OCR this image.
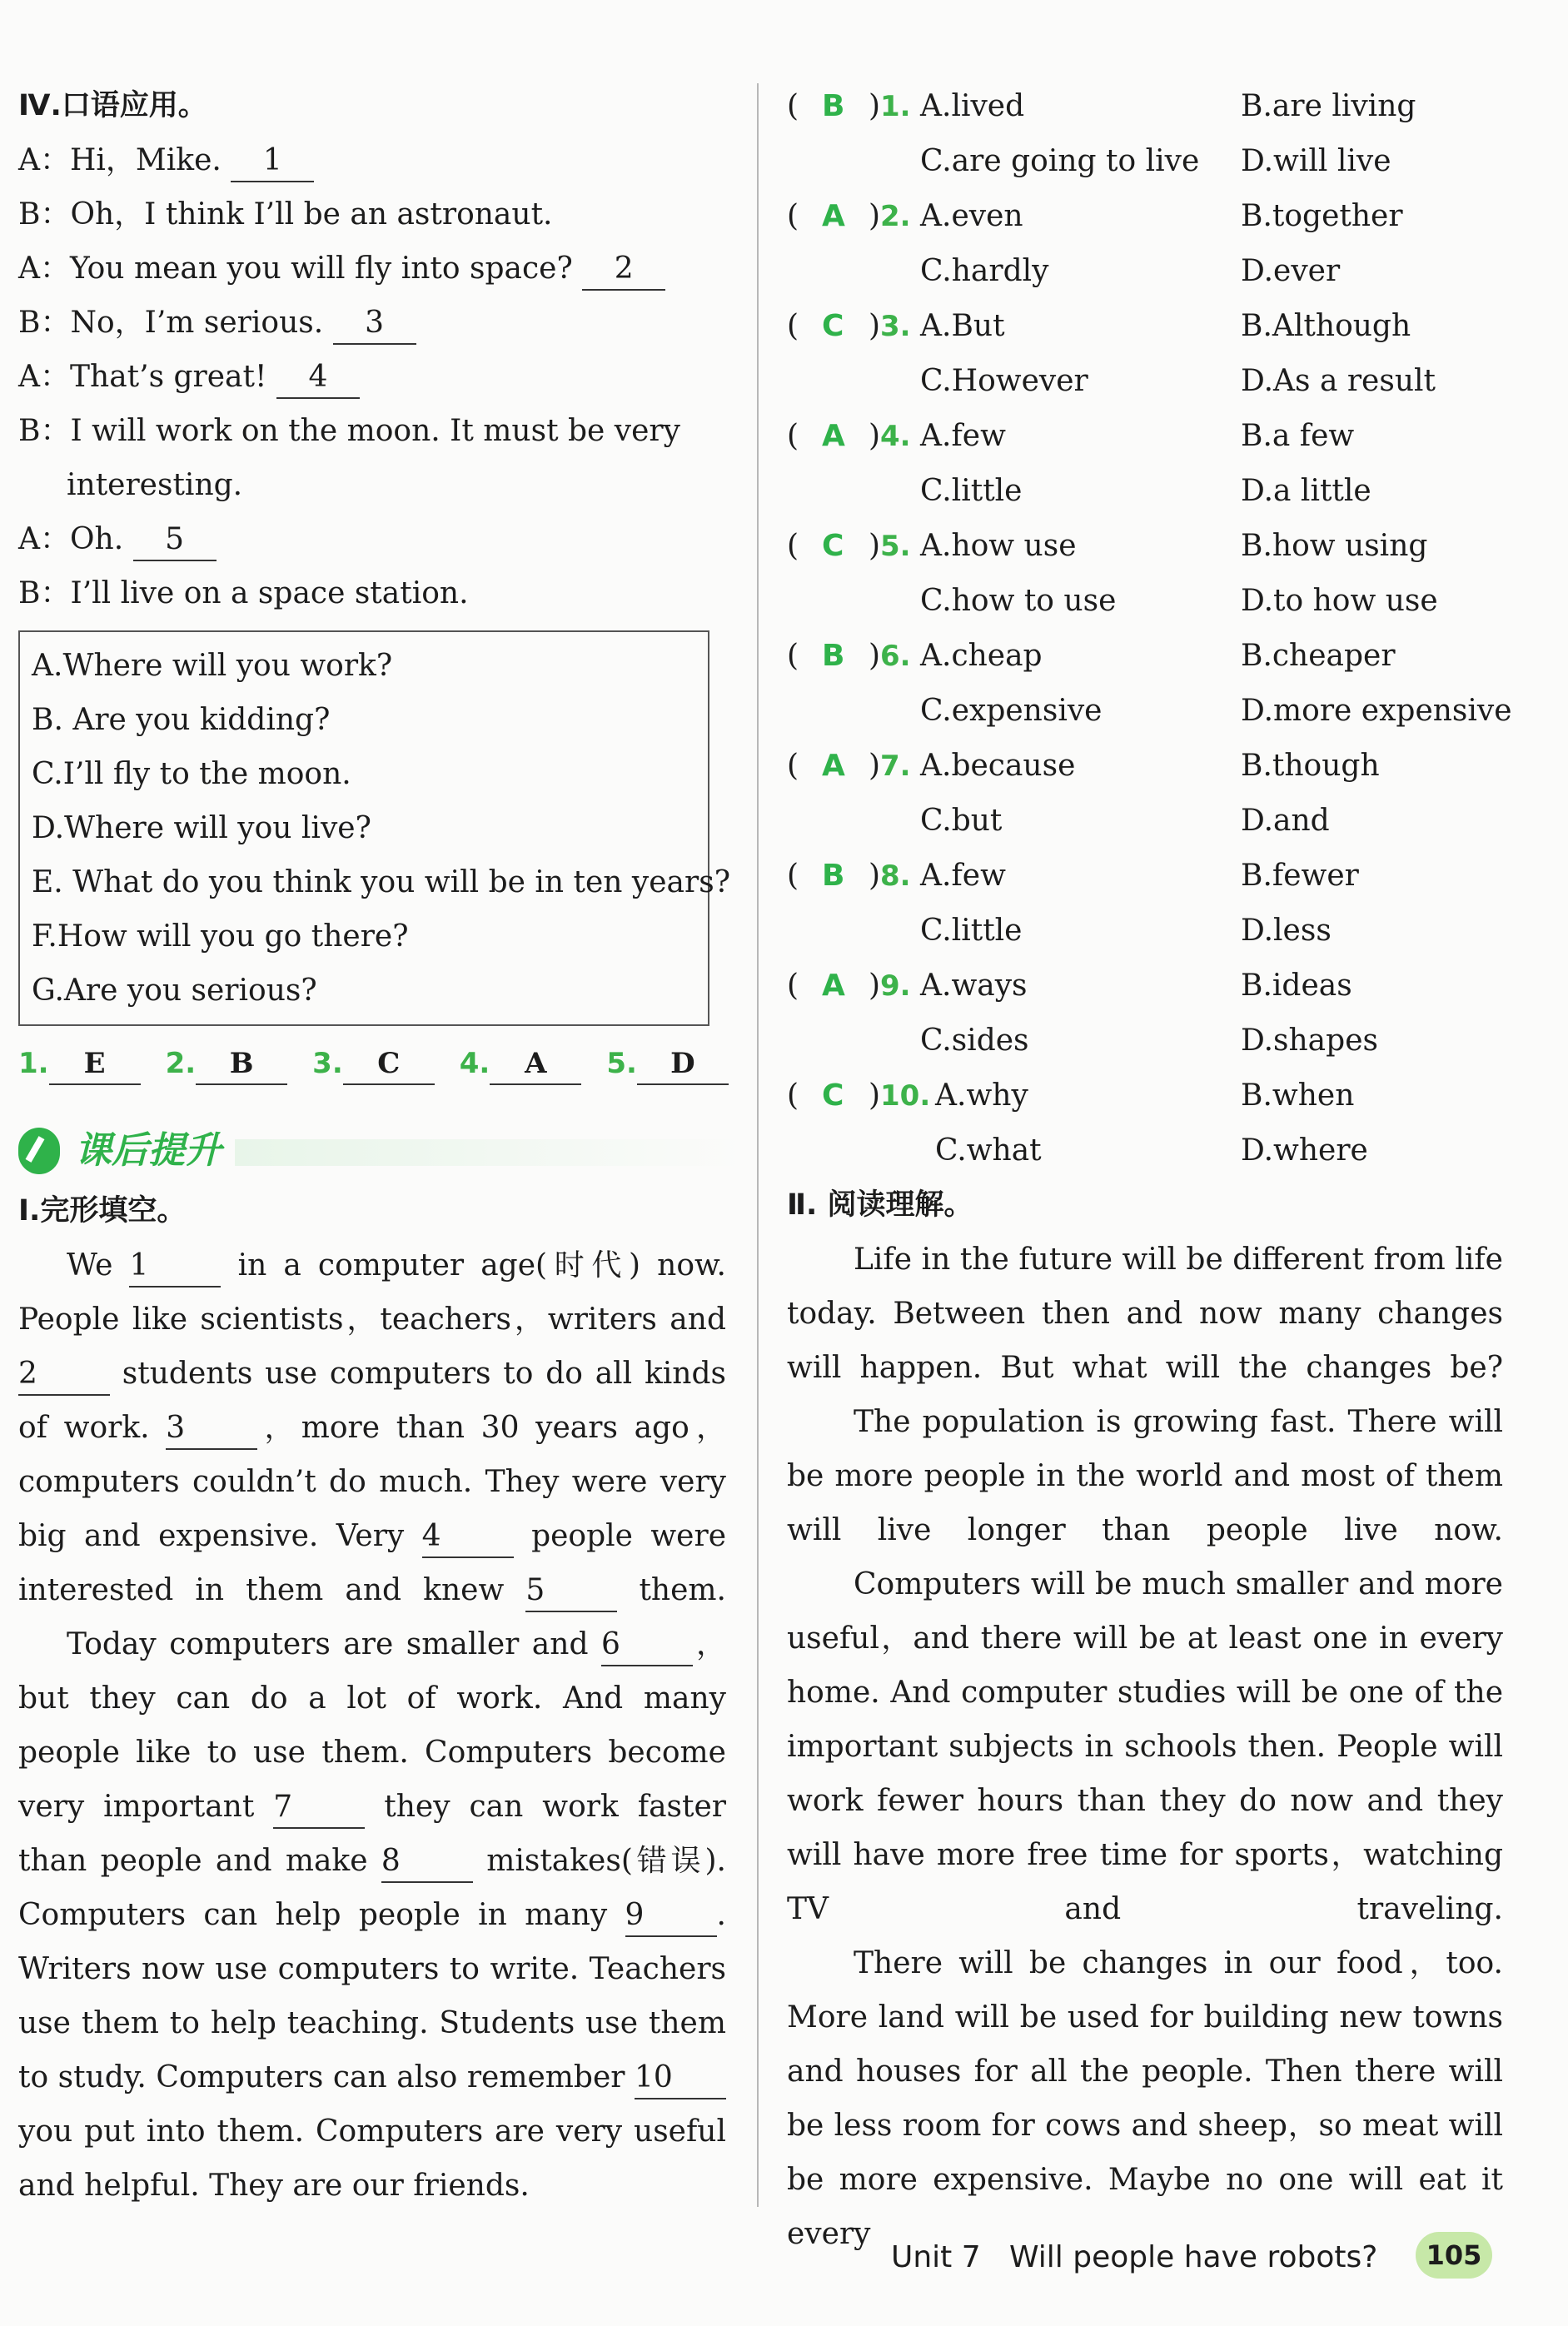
Ⅳ.口语应用。
A：Hi，Mike. 1
B：Oh，I think I’ll be an astronaut.
A：You mean you will fly into space? 2
B：No，I’m serious. 3
A：That’s great! 4
B：I will work on the moon. It must be very
interesting.
A：Oh. 5
B：I’ll live on a space station.
A.Where will you work?
B. Are you kidding?
C.I’ll fly to the moon.
D.Where will you live?
E. What do you think you will be in ten years?
F.How will you go there?
G.Are you serious?
1. E 2. B 3. C 4. A 5. D
课后提升
Ⅰ.完形填空。
We 1 in a computer age(时代) now. People like scientists，teachers，writers and 2 students use computers to do all kinds of work. 3 ，more than 30 years ago，computers couldn’t do much. They were very big and expensive. Very 4 people were interested in them and knew 5 them.
Today computers are smaller and 6 ，but they can do a lot of work. And many people like to use them. Computers become very important 7 they can work faster than people and make 8 mistakes(错误). Computers can help people in many 9 . Writers now use computers to write. Teachers use them to help teaching. Students use them to study. Computers can also remember 10 you put into them. Computers are very useful and helpful. They are our friends.
( B ) 1. A.lived	B.are living
C.are going to live D.will live
( A ) 2. A.even	B.together
C.hardly	D.ever
( C ) 3. A.But	B.Although
C.However	D.As a result
( A ) 4. A.few	B.a few
C.little	D.a little
( C ) 5. A.how use	B.how using
C.how to use	D.to how use
( B ) 6. A.cheap	B.cheaper
C.expensive	D.more expensive
( A ) 7. A.because	B.though
C.but	D.and
( B ) 8. A.few	B.fewer
C.little	D.less
( A ) 9. A.ways	B.ideas
C.sides	D.shapes
( C ) 10. A.why	B.when
C.what	D.where
Ⅱ. 阅读理解。
Life in the future will be different from life today. Between then and now many changes will happen. But what will the changes be?
The population is growing fast. There will be more people in the world and most of them will live longer than people live now.
Computers will be much smaller and more useful，and there will be at least one in every home. And computer studies will be one of the important subjects in schools then. People will work fewer hours than they do now and they will have more free time for sports，watching TV and traveling.
There will be changes in our food，too. More land will be used for building new towns and houses for all the people. Then there will be less room for cows and sheep，so meat will be more expensive. Maybe no one will eat it every
Unit 7 Will people have robots?	105
